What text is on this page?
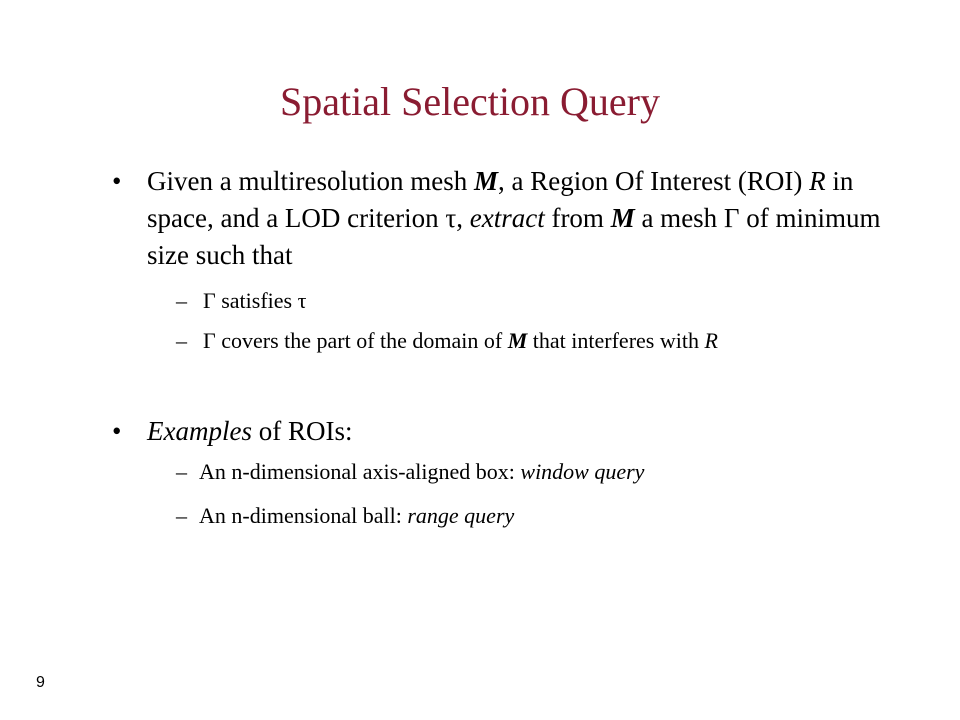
Spatial Selection Query
• Given a multiresolution mesh M, a Region Of Interest (ROI) R in space, and a LOD criterion τ, extract from M a mesh Γ of minimum size such that
– Γ satisfies τ
– Γ covers the part of the domain of M that interferes with R
• Examples of ROIs:
– An n-dimensional axis-aligned box: window query
– An n-dimensional ball: range query
9
